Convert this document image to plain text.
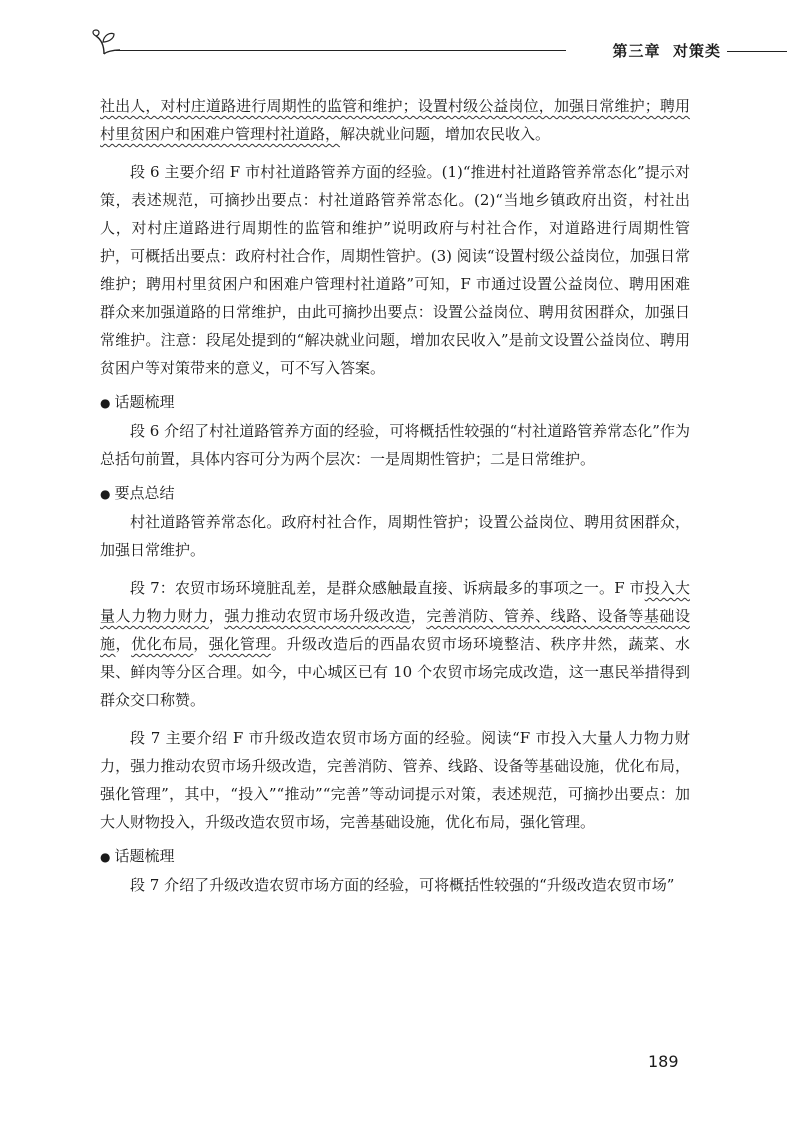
第三章 对策类

社出人，对村庄道路进行周期性的监管和维护；设置村级公益岗位，加强日常维护；聘用村里贫困户和困难户管理村社道路，解决就业问题，增加农民收入。

段 6 主要介绍 F 市村社道路管养方面的经验。(1)“推进村社道路管养常态化”提示对策，表述规范，可摘抄出要点：村社道路管养常态化。(2)“当地乡镇政府出资，村社出人，对村庄道路进行周期性的监管和维护”说明政府与村社合作，对道路进行周期性管护，可概括出要点：政府村社合作，周期性管护。(3) 阅读“设置村级公益岗位，加强日常维护；聘用村里贫困户和困难户管理村社道路”可知，F 市通过设置公益岗位、聘用困难群众来加强道路的日常维护，由此可摘抄出要点：设置公益岗位、聘用贫困群众，加强日常维护。注意：段尾处提到的“解决就业问题，增加农民收入”是前文设置公益岗位、聘用贫困户等对策带来的意义，可不写入答案。

● 话题梳理

段 6 介绍了村社道路管养方面的经验，可将概括性较强的“村社道路管养常态化”作为总括句前置，具体内容可分为两个层次：一是周期性管护；二是日常维护。

● 要点总结

村社道路管养常态化。政府村社合作，周期性管护；设置公益岗位、聘用贫困群众，加强日常维护。

段 7：农贸市场环境脏乱差，是群众感触最直接、诉病最多的事项之一。F 市投入大量人力物力财力，强力推动农贸市场升级改造，完善消防、管养、线路、设备等基础设施，优化布局，强化管理。升级改造后的西晶农贸市场环境整洁、秩序井然，蔬菜、水果、鲜肉等分区合理。如今，中心城区已有 10 个农贸市场完成改造，这一惠民举措得到群众交口称赞。

段 7 主要介绍 F 市升级改造农贸市场方面的经验。阅读“F 市投入大量人力物力财力，强力推动农贸市场升级改造，完善消防、管养、线路、设备等基础设施，优化布局，强化管理”，其中，“投入”“推动”“完善”等动词提示对策，表述规范，可摘抄出要点：加大人财物投入，升级改造农贸市场，完善基础设施，优化布局，强化管理。

● 话题梳理

段 7 介绍了升级改造农贸市场方面的经验，可将概括性较强的“升级改造农贸市场”

189
